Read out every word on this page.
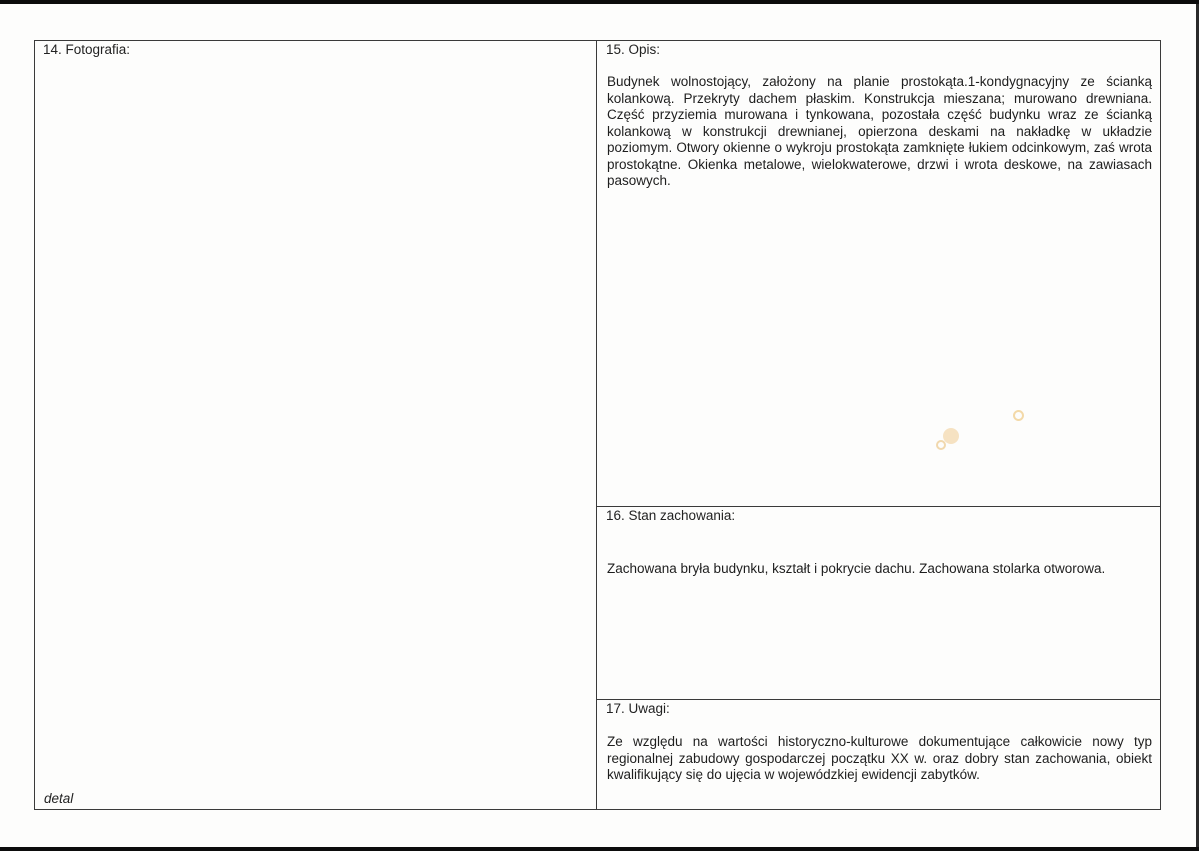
14. Fotografia:
detal
15. Opis:
Budynek wolnostojący, założony na planie prostokąta.1-kondygnacyjny ze ścianką kolankową. Przekryty dachem płaskim. Konstrukcja mieszana; murowano drewniana. Część przyziemia murowana i tynkowana, pozostała część budynku wraz ze ścianką kolankową w konstrukcji drewnianej, opierzona deskami na nakładkę w układzie poziomym. Otwory okienne o wykroju prostokąta zamknięte łukiem odcinkowym, zaś wrota prostokątne. Okienka metalowe, wielokwaterowe, drzwi i wrota deskowe, na zawiasach pasowych.
16. Stan zachowania:
Zachowana bryła budynku, kształt i pokrycie dachu. Zachowana stolarka otworowa.
17. Uwagi:
Ze względu na wartości historyczno-kulturowe dokumentujące całkowicie nowy typ regionalnej zabudowy gospodarczej początku XX w. oraz dobry stan zachowania, obiekt kwalifikujący się do ujęcia w wojewódzkiej ewidencji zabytków.
